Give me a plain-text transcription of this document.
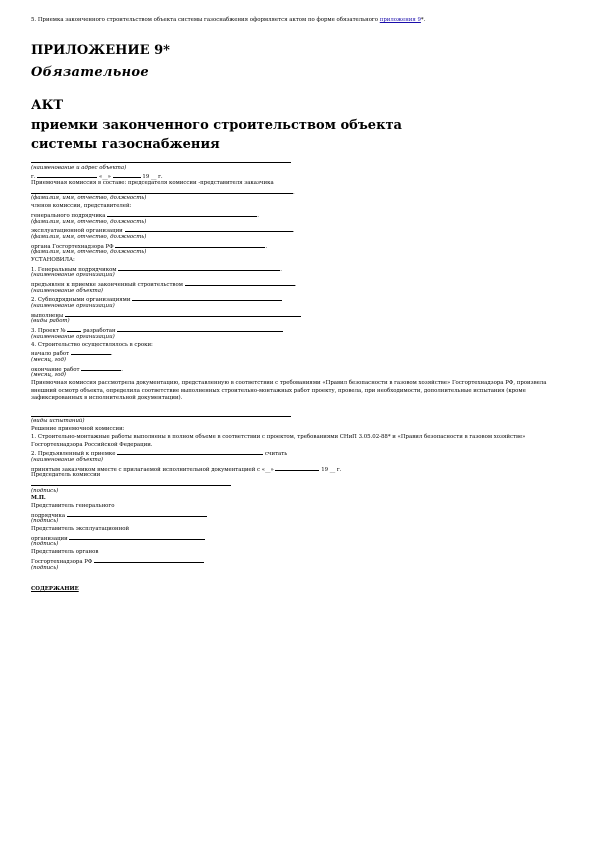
5. Приемка законченного строительством объекта системы газоснабжения оформляется актом по форме обязательного приложения 9*.
ПРИЛОЖЕНИЕ 9*
Обязательное
АКТ
приемки законченного строительством объекта
системы газоснабжения
(наименование и адрес объекта)
г.	«__»	19 __ г.
Приемочная комиссия в составе: председателя комиссии -представителя заказчика
.
(фамилия, имя, отчество, должность)
членов комиссии, представителей:
генерального подрядчика	.
(фамилия, имя, отчество, должность)
эксплуатационной организации	.
(фамилия, имя, отчество, должность)
органа Госгортехнадзора РФ	.
(фамилия, имя, отчество, должность)
УСТАНОВИЛА:
1. Генеральным подрядчиком	.
(наименование организации)
предъявлен к приемке законченный строительством	.
(наименование объекта)
2. Субподрядными организациями
(наименование организации)
выполнены
(виды работ)
3. Проект №	разработан
(наименование организации)
4. Строительство осуществлялось в сроки:
начало работ	.
(месяц, год)
окончание работ	.
(месяц, год)
Приемочная комиссия рассмотрела документацию, представленную в соответствии с требованиями «Правил безопасности в газовом хозяйстве» Госгортехнадзора РФ, произвела внешний осмотр объекта, определила соответствие выполненных строительно-монтажных работ проекту, провела, при необходимости, дополнительные испытания (кроме зафиксированных в исполнительной документации).
(виды испытаний)
Решение приемочной комиссии:
1. Строительно-монтажные работы выполнены в полном объеме в соответствии с проектом, требованиями СНиП 3.05.02-88* и «Правил безопасности в газовом хозяйстве» Госгортехнадзора Российской Федерации.
2. Предъявленный к приемке	считать
(наименование объекта)
принятым заказчиком вместе с прилагаемой исполнительной документацией с «__»	19 __ г.
Председатель комиссии
(подпись)
М.П.
Представитель генерального
подрядчика
(подпись)
Представитель эксплуатационной
организации
(подпись)
Представитель органов
Госгортехнадзора РФ
(подпись)
СОДЕРЖАНИЕ
